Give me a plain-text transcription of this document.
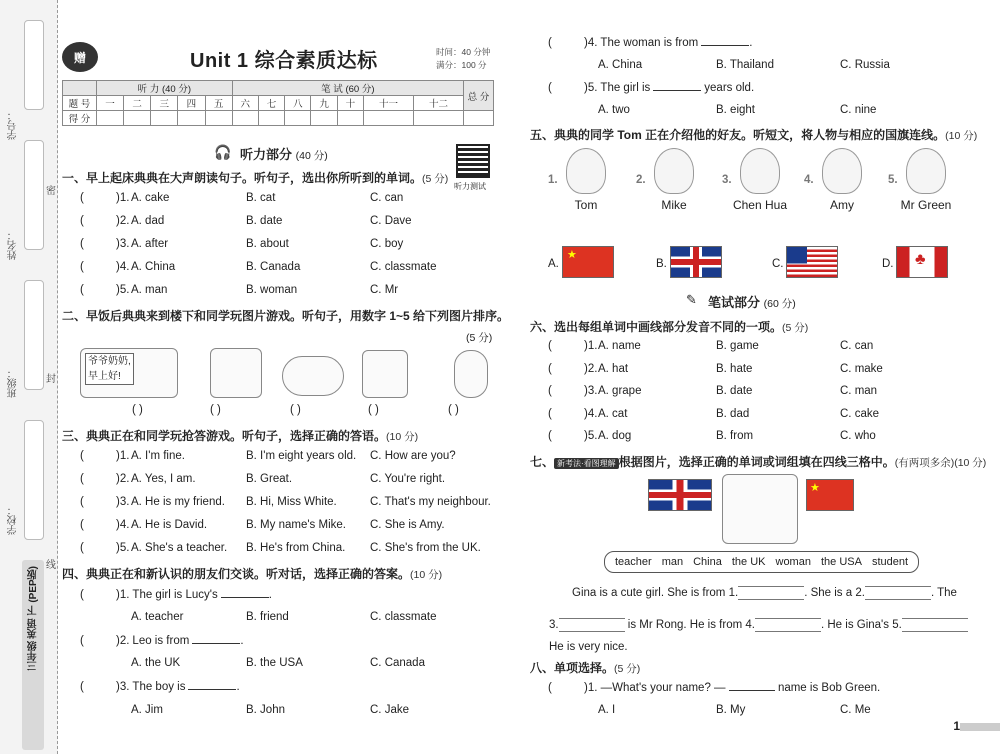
学号：
姓名：
班级：
学校：
密
封
线
三年级 英语 下 (PEP版)
赠	Unit 1 综合素质达标	时间：40 分钟
满分：100 分
	听 力 (40 分)					笔 试 (60 分)							总 分
题 号	一	二	三	四	五	六	七	八	九	十	十一	十二	
得 分													
🎧 听力部分 (40 分)
听力测试
一、早上起床典典在大声朗读句子。听句子，选出你所听到的单词。(5 分)
(	)1. A. cake	B. cat	C. can
(	)2. A. dad	B. date	C. Dave
(	)3. A. after	B. about	C. boy
(	)4. A. China	B. Canada	C. classmate
(	)5. A. man	B. woman	C. Mr
二、早饭后典典来到楼下和同学玩图片游戏。听句子，用数字 1~5 给下列图片排序。
(5 分)
爷爷奶奶,
早上好!
( )	( )	( )	( )	( )
三、典典正在和同学玩抢答游戏。听句子，选择正确的答语。(10 分)
(	)1. A. I'm fine.	B. I'm eight years old. C. How are you?
(	)2. A. Yes, I am.	B. Great.	C. You're right.
(	)3. A. He is my friend. B. Hi, Miss White.	C. That's my neighbour.
(	)4. A. He is David.	B. My name's Mike. C. She is Amy.
(	)5. A. She's a teacher. B. He's from China. C. She's from the UK.
四、典典正在和新认识的朋友们交谈。听对话，选择正确的答案。(10 分)
(	)1. The girl is Lucy's	.
A. teacher	B. friend	C. classmate
(	)2. Leo is from	.
A. the UK	B. the USA	C. Canada
(	)3. The boy is	.
A. Jim	B. John	C. Jake
(	)4. The woman is from	.
A. China	B. Thailand	C. Russia
(	)5. The girl is	years old.
A. two	B. eight	C. nine
五、典典的同学 Tom 正在介绍他的好友。听短文，将人物与相应的国旗连线。(10 分)
1.
Tom
2.
Mike
3.
Chen Hua
4.
Amy
5.
Mr Green
A.
★
B.	C.	D. ♣
✎ 笔试部分 (60 分)
六、选出每组单词中画线部分发音不同的一项。(5 分)
(	)1. A. name	B. game	C. can
(	)2. A. hat	B. hate	C. make
(	)3. A. grape	B. date	C. man
(	)4. A. cat	B. dad	C. cake
(	)5. A. dog	B. from	C. who
七、 新考法·看图理解 根据图片，选择正确的单词或词组填在四线三格中。(有两项多余)(10 分)
★
teacher man China the UK woman the USA student
Gina is a cute girl. She is from 1.	. She is a 2.	. The
3.	is Mr Rong. He is from 4.	. He is Gina's 5.
He is very nice.
八、单项选择。(5 分)
(	)1. —What's your name? —	name is Bob Green.
A. I	B. My	C. Me
1
